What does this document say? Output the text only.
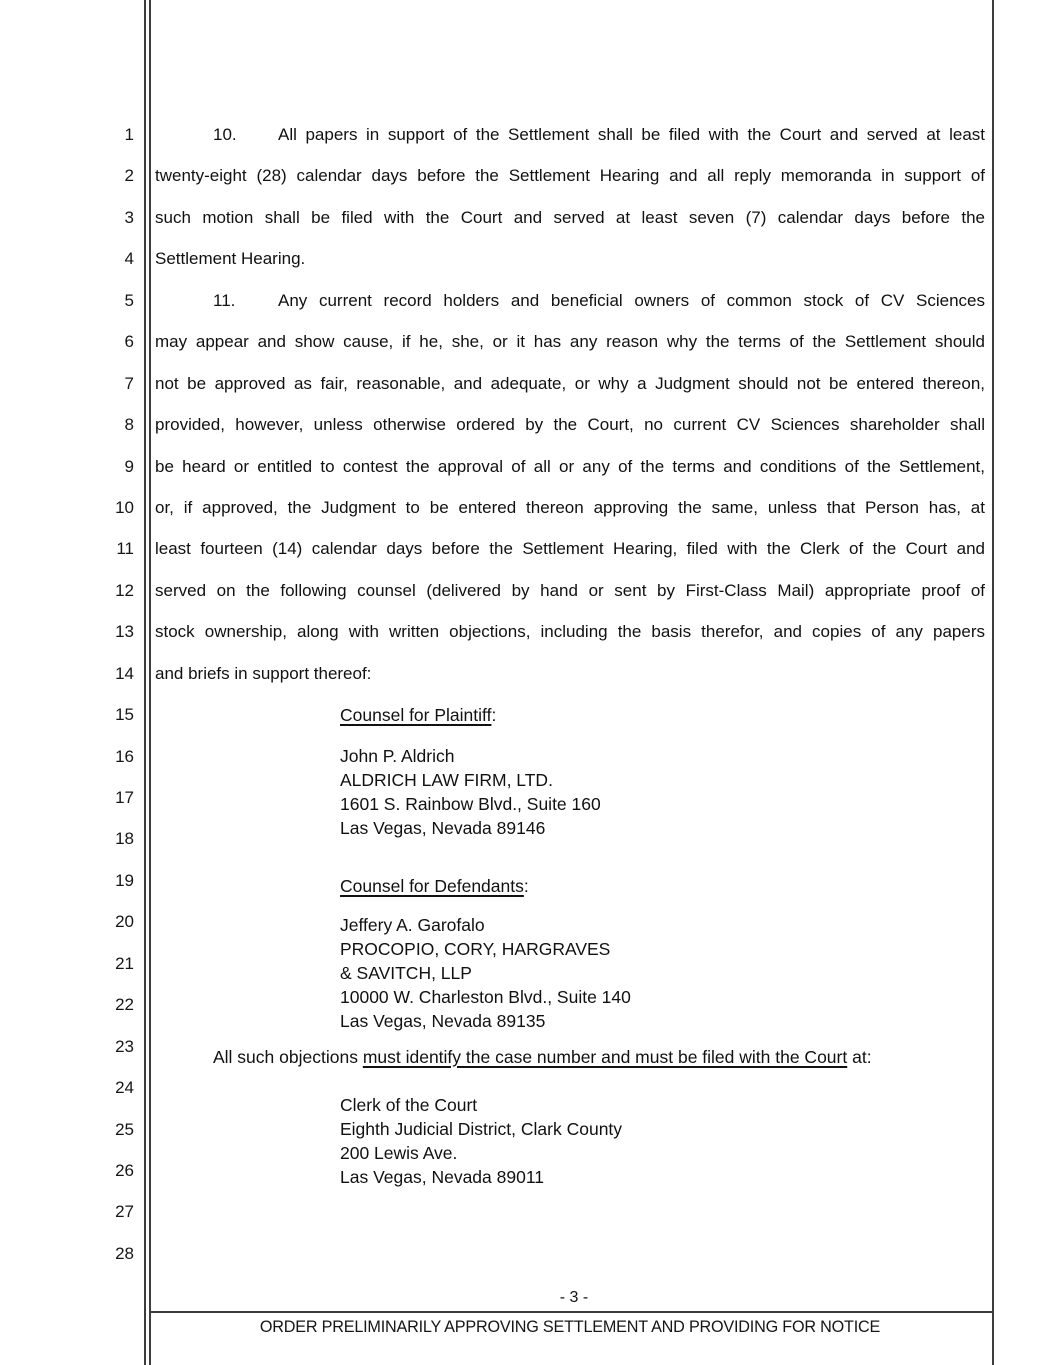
1
2
3
4
5
6
7
8
9
10
11
12
13
14
15
16
17
18
19
20
21
22
23
24
25
26
27
28
10. All papers in support of the Settlement shall be filed with the Court and served at least
twenty-eight (28) calendar days before the Settlement Hearing and all reply memoranda in support of
such motion shall be filed with the Court and served at least seven (7) calendar days before the
Settlement Hearing.
11.	Any current record holders and beneficial owners of common stock of CV Sciences
may appear and show cause, if he, she, or it has any reason why the terms of the Settlement should
not be approved as fair, reasonable, and adequate, or why a Judgment should not be entered thereon,
provided, however, unless otherwise ordered by the Court, no current CV Sciences shareholder shall
be heard or entitled to contest the approval of all or any of the terms and conditions of the Settlement,
or, if approved, the Judgment to be entered thereon approving the same, unless that Person has, at
least fourteen (14) calendar days before the Settlement Hearing, filed with the Clerk of the Court and
served on the following counsel (delivered by hand or sent by First-Class Mail) appropriate proof of
stock ownership, along with written objections, including the basis therefor, and copies of any papers
and briefs in support thereof:
Counsel for Plaintiff:
John P. Aldrich
ALDRICH LAW FIRM, LTD.
1601 S. Rainbow Blvd., Suite 160
Las Vegas, Nevada 89146
Counsel for Defendants:
Jeffery A. Garofalo
PROCOPIO, CORY, HARGRAVES
& SAVITCH, LLP
10000 W. Charleston Blvd., Suite 140
Las Vegas, Nevada 89135
All such objections must identify the case number and must be filed with the Court at:
Clerk of the Court
Eighth Judicial District, Clark County
200 Lewis Ave.
Las Vegas, Nevada 89011
- 3 -
ORDER PRELIMINARILY APPROVING SETTLEMENT AND PROVIDING FOR NOTICE
